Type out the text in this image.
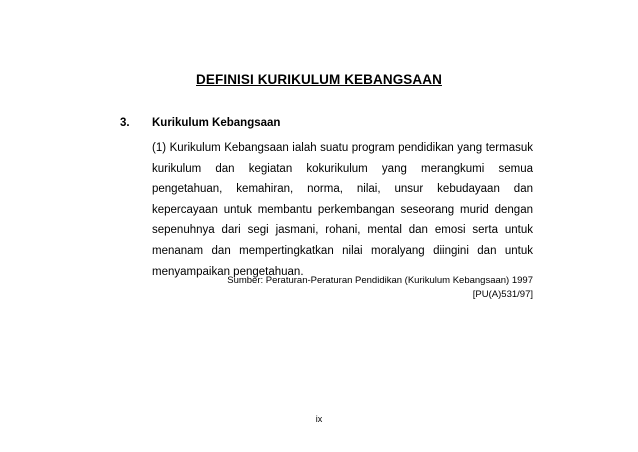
DEFINISI KURIKULUM KEBANGSAAN
3. Kurikulum Kebangsaan

(1) Kurikulum Kebangsaan ialah suatu program pendidikan yang termasuk kurikulum dan kegiatan kokurikulum yang merangkumi semua pengetahuan, kemahiran, norma, nilai, unsur kebudayaan dan kepercayaan untuk membantu perkembangan seseorang murid dengan sepenuhnya dari segi jasmani, rohani, mental dan emosi serta untuk menanam dan mempertingkatkan nilai moralyang diingini dan untuk menyampaikan pengetahuan.

Sumber: Peraturan-Peraturan Pendidikan (Kurikulum Kebangsaan) 1997
[PU(A)531/97]
ix
